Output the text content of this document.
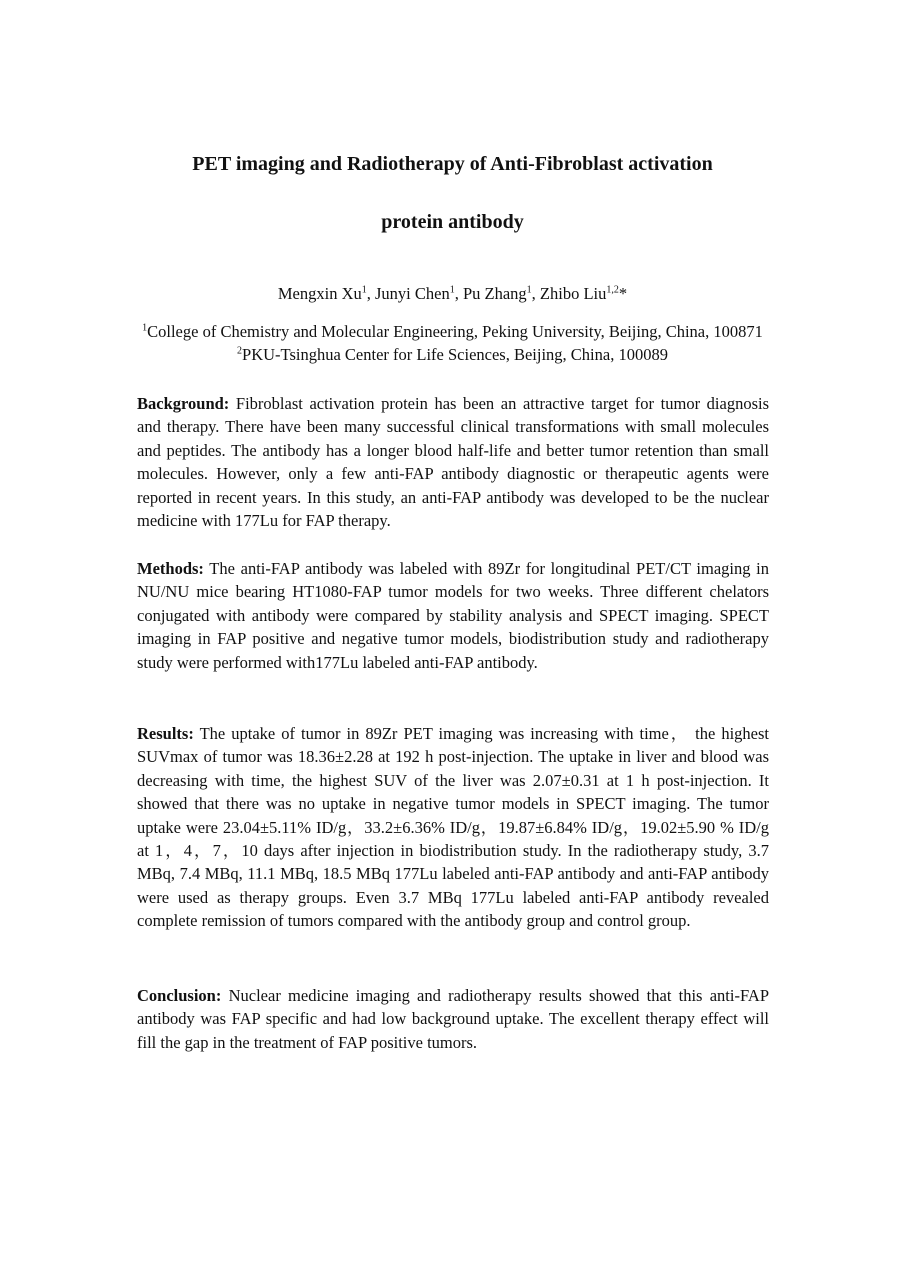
PET imaging and Radiotherapy of Anti-Fibroblast activation
protein antibody
Mengxin Xu$^1$, Junyi Chen$^1$, Pu Zhang$^1$, Zhibo Liu$^{1,2}$*
$^1$College of Chemistry and Molecular Engineering, Peking University, Beijing, China, 100871
$^2$PKU-Tsinghua Center for Life Sciences, Beijing, China, 100089

Background: Fibroblast activation protein has been an attractive target for tumor diagnosis and therapy. There have been many successful clinical transformations with small molecules and peptides. The antibody has a longer blood half-life and better tumor retention than small molecules. However, only a few anti-FAP antibody diagnostic or therapeutic agents were reported in recent years. In this study, an anti-FAP antibody was developed to be the nuclear medicine with 177Lu for FAP therapy.

Methods: The anti-FAP antibody was labeled with 89Zr for longitudinal PET/CT imaging in NU/NU mice bearing HT1080-FAP tumor models for two weeks. Three different chelators conjugated with antibody were compared by stability analysis and SPECT imaging. SPECT imaging in FAP positive and negative tumor models, biodistribution study and radiotherapy study were performed with177Lu labeled anti-FAP antibody.

Results: The uptake of tumor in 89Zr PET imaging was increasing with time， the highest SUVmax of tumor was 18.36±2.28 at 192 h post-injection. The uptake in liver and blood was decreasing with time, the highest SUV of the liver was 2.07±0.31 at 1 h post-injection. It showed that there was no uptake in negative tumor models in SPECT imaging. The tumor uptake were 23.04±5.11% ID/g，33.2±6.36% ID/g，19.87±6.84% ID/g，19.02±5.90 % ID/g at 1，4，7，10 days after injection in biodistribution study. In the radiotherapy study, 3.7 MBq, 7.4 MBq, 11.1 MBq, 18.5 MBq 177Lu labeled anti-FAP antibody and anti-FAP antibody were used as therapy groups. Even 3.7 MBq 177Lu labeled anti-FAP antibody revealed complete remission of tumors compared with the antibody group and control group.

Conclusion: Nuclear medicine imaging and radiotherapy results showed that this anti-FAP antibody was FAP specific and had low background uptake. The excellent therapy effect will fill the gap in the treatment of FAP positive tumors.
